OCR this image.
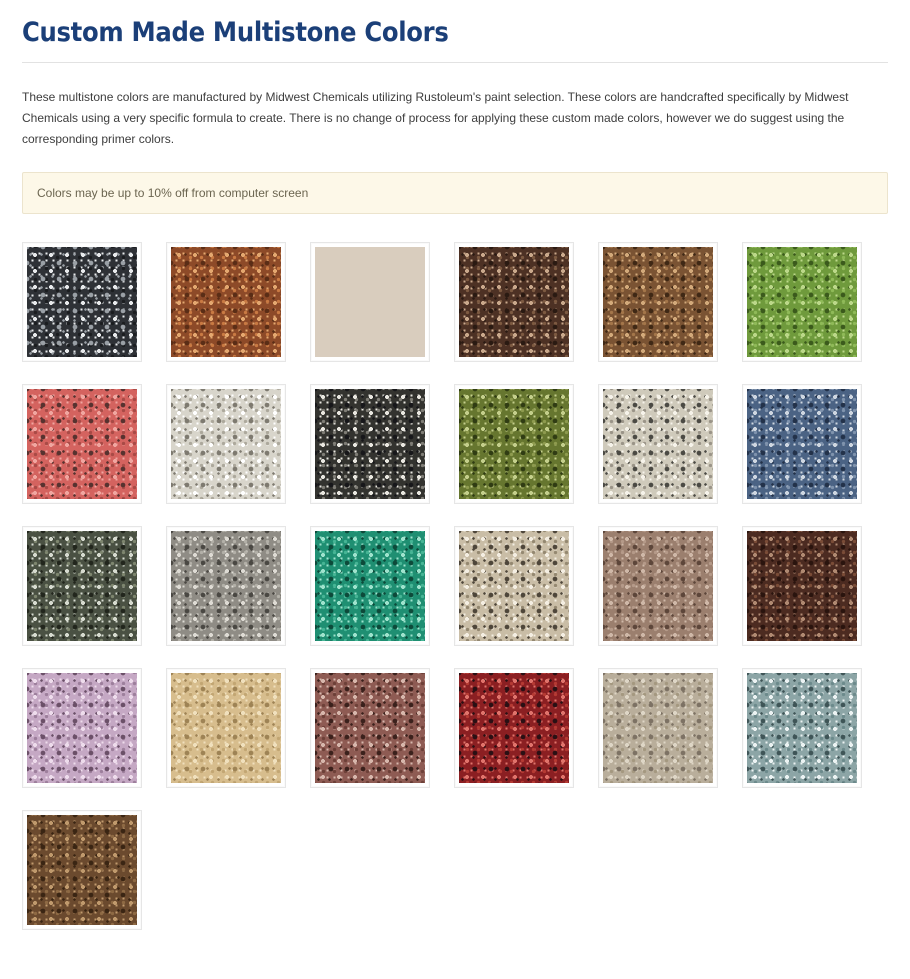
Custom Made Multistone Colors

These multistone colors are manufactured by Midwest Chemicals utilizing Rustoleum's paint selection. These colors are handcrafted specifically by Midwest Chemicals using a very specific formula to create. There is no change of process for applying these custom made colors, however we do suggest using the corresponding primer colors.

Colors may be up to 10% off from computer screen
